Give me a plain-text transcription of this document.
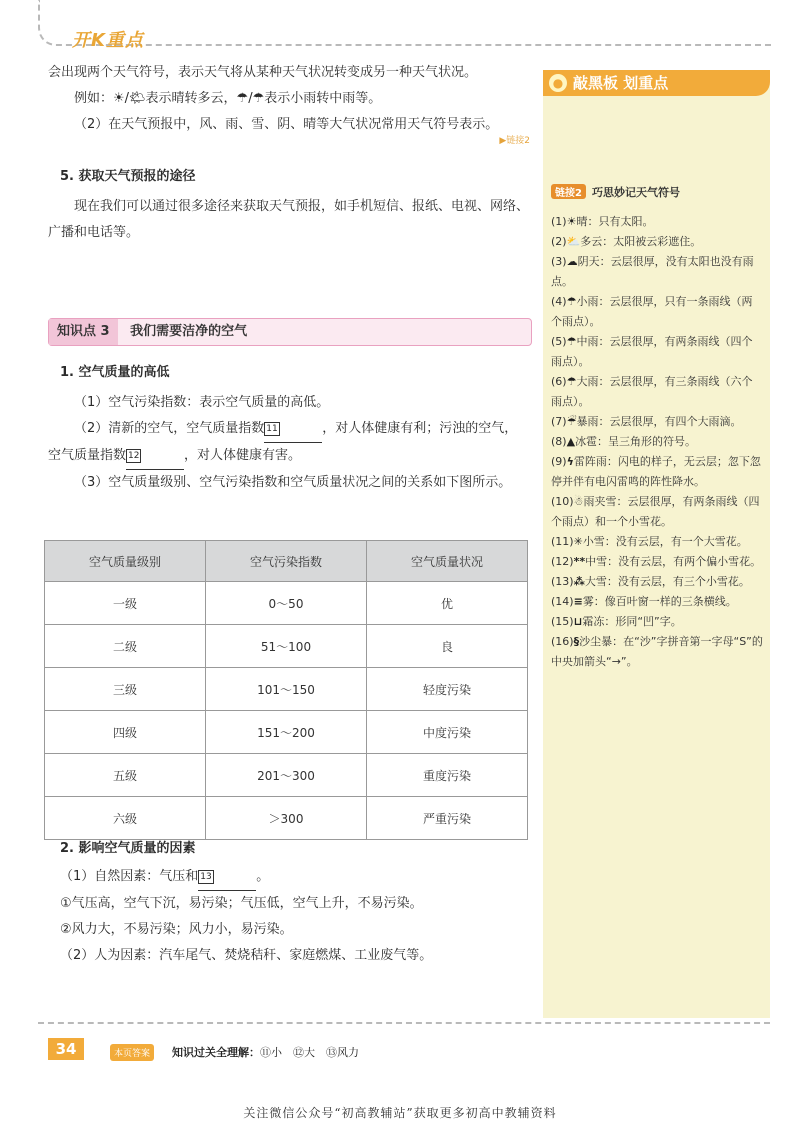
开K重点

会出现两个天气符号，表示天气将从某种天气状况转变成另一种天气状况。

例如：☀/🌤表示晴转多云，☂/☂表示小雨转中雨等。

（2）在天气预报中，风、雨、雪、阴、晴等大气状况常用天气符号表示。

▶链接2
5. 获取天气预报的途径

现在我们可以通过很多途径来获取天气预报，如手机短信、报纸、电视、网络、广播和电话等。

知识点 3 我们需要洁净的空气
1. 空气质量的高低

（1）空气污染指数：表示空气质量的高低。

（2）清新的空气，空气质量指数 11	，对人体健康有利；污浊的空气，空气质量指数 12	，对人体健康有害。

（3）空气质量级别、空气污染指数和空气质量状况之间的关系如下图所示。

空气质量级别	空气污染指数	空气质量状况
一级	0～50	优
二级	51～100	良
三级	101～150	轻度污染
四级	151～200	中度污染
五级	201～300	重度污染
六级	＞300	严重污染
2. 影响空气质量的因素

（1）自然因素：气压和 13	。

①气压高，空气下沉，易污染；气压低，空气上升，不易污染。

②风力大，不易污染；风力小，易污染。

（2）人为因素：汽车尾气、焚烧秸秆、家庭燃煤、工业废气等。

● 敲黑板 划重点
链接2 巧思妙记天气符号
(1)☀晴：只有太阳。
(2)⛅多云：太阳被云彩遮住。
(3)☁阴天：云层很厚，没有太阳也没有雨点。
(4)☂小雨：云层很厚，只有一条雨线（两个雨点）。
(5)☂中雨：云层很厚，有两条雨线（四个雨点）。
(6)☂大雨：云层很厚，有三条雨线（六个雨点）。
(7)☔暴雨：云层很厚，有四个大雨滴。
(8)▲冰雹：呈三角形的符号。
(9)ϟ雷阵雨：闪电的样子，无云层；忽下忽停并伴有电闪雷鸣的阵性降水。
(10)☃雨夹雪：云层很厚，有两条雨线（四个雨点）和一个小雪花。
(11)✳小雪：没有云层，有一个大雪花。
(12)**中雪：没有云层，有两个偏小雪花。
(13)⁂大雪：没有云层，有三个小雪花。
(14)≡雾：像百叶窗一样的三条横线。
(15)⊔霜冻：形同“凹”字。
(16)§沙尘暴：在“沙”字拼音第一字母“S”的中央加箭头“→”。
34	本页答案	知识过关全理解：⑪小　⑫大　⑬风力
关注微信公众号“初高教辅站”获取更多初高中教辅资料
